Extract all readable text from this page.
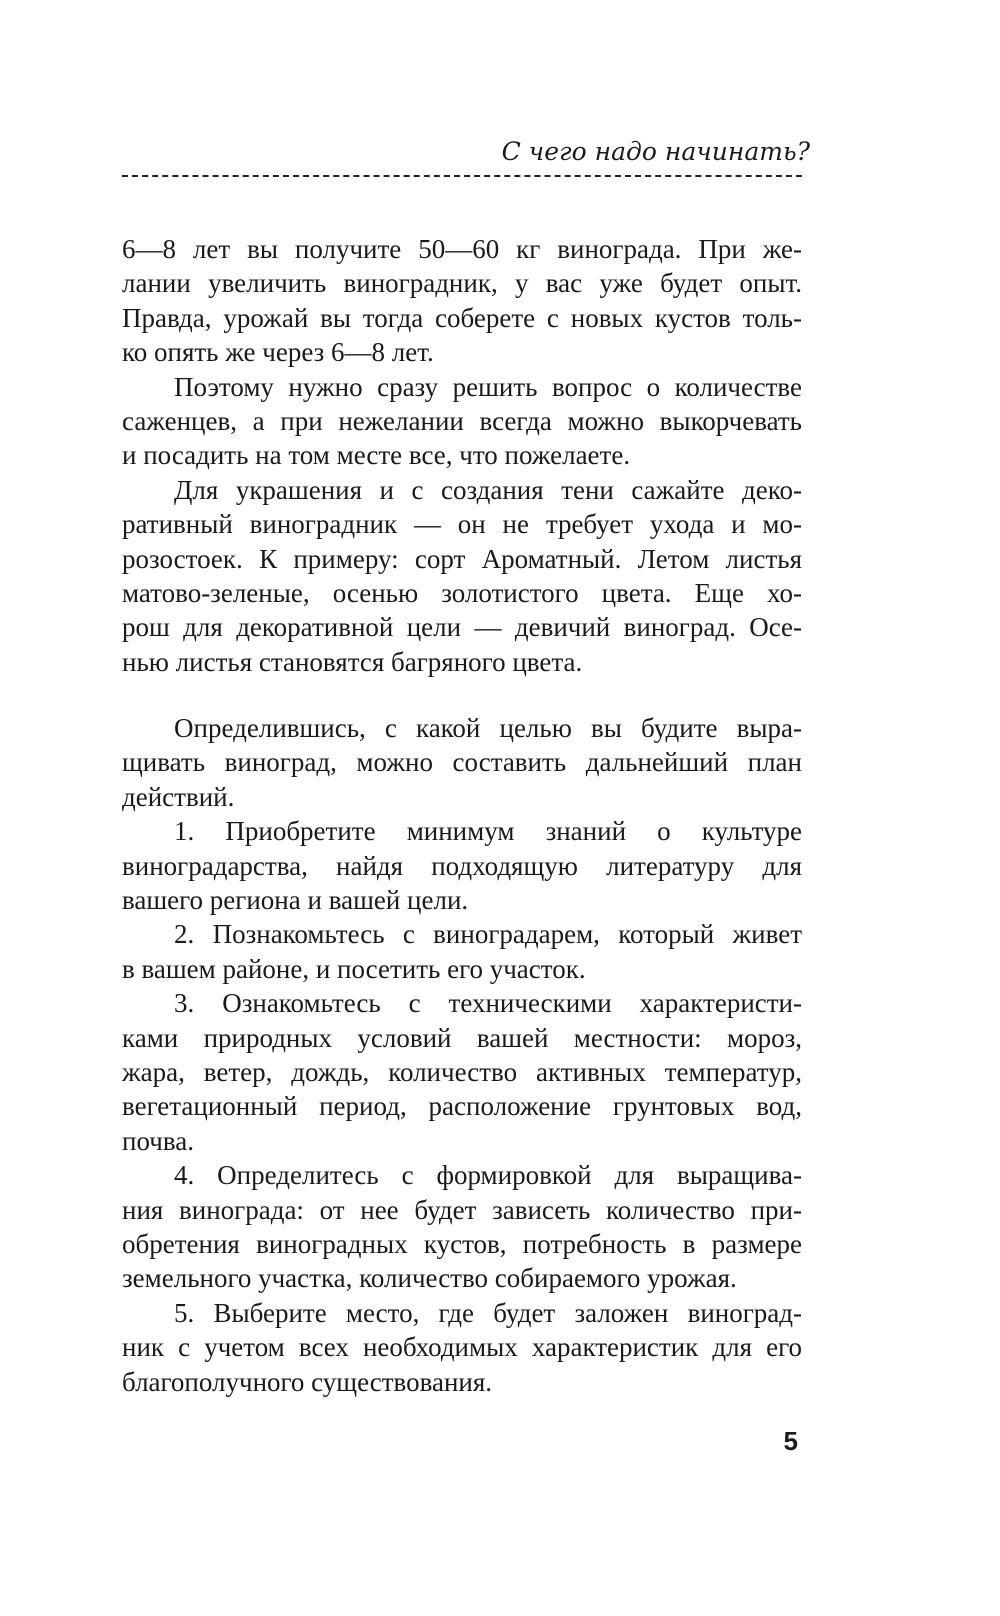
С чего надо начинать?
6—8 лет вы получите 50—60 кг винограда. При же-
лании увеличить виноградник, у вас уже будет опыт.
Правда, урожай вы тогда соберете с новых кустов толь-
ко опять же через 6—8 лет.
Поэтому нужно сразу решить вопрос о количестве
саженцев, а при нежелании всегда можно выкорчевать
и посадить на том месте все, что пожелаете.
Для украшения и с создания тени сажайте деко-
ративный виноградник — он не требует ухода и мо-
розостоек. К примеру: сорт Ароматный. Летом листья
матово-зеленые, осенью золотистого цвета. Еще хо-
рош для декоративной цели — девичий виноград. Осе-
нью листья становятся багряного цвета.
Определившись, с какой целью вы будите выра-
щивать виноград, можно составить дальнейший план
действий.
1. Приобретите минимум знаний о культуре
виноградарства, найдя подходящую литературу для
вашего региона и вашей цели.
2. Познакомьтесь с виноградарем, который живет
в вашем районе, и посетить его участок.
3. Ознакомьтесь с техническими характеристи-
ками природных условий вашей местности: мороз,
жара, ветер, дождь, количество активных температур,
вегетационный период, расположение грунтовых вод,
почва.
4. Определитесь с формировкой для выращива-
ния винограда: от нее будет зависеть количество при-
обретения виноградных кустов, потребность в размере
земельного участка, количество собираемого урожая.
5. Выберите место, где будет заложен виноград-
ник с учетом всех необходимых характеристик для его
благополучного существования.
5
